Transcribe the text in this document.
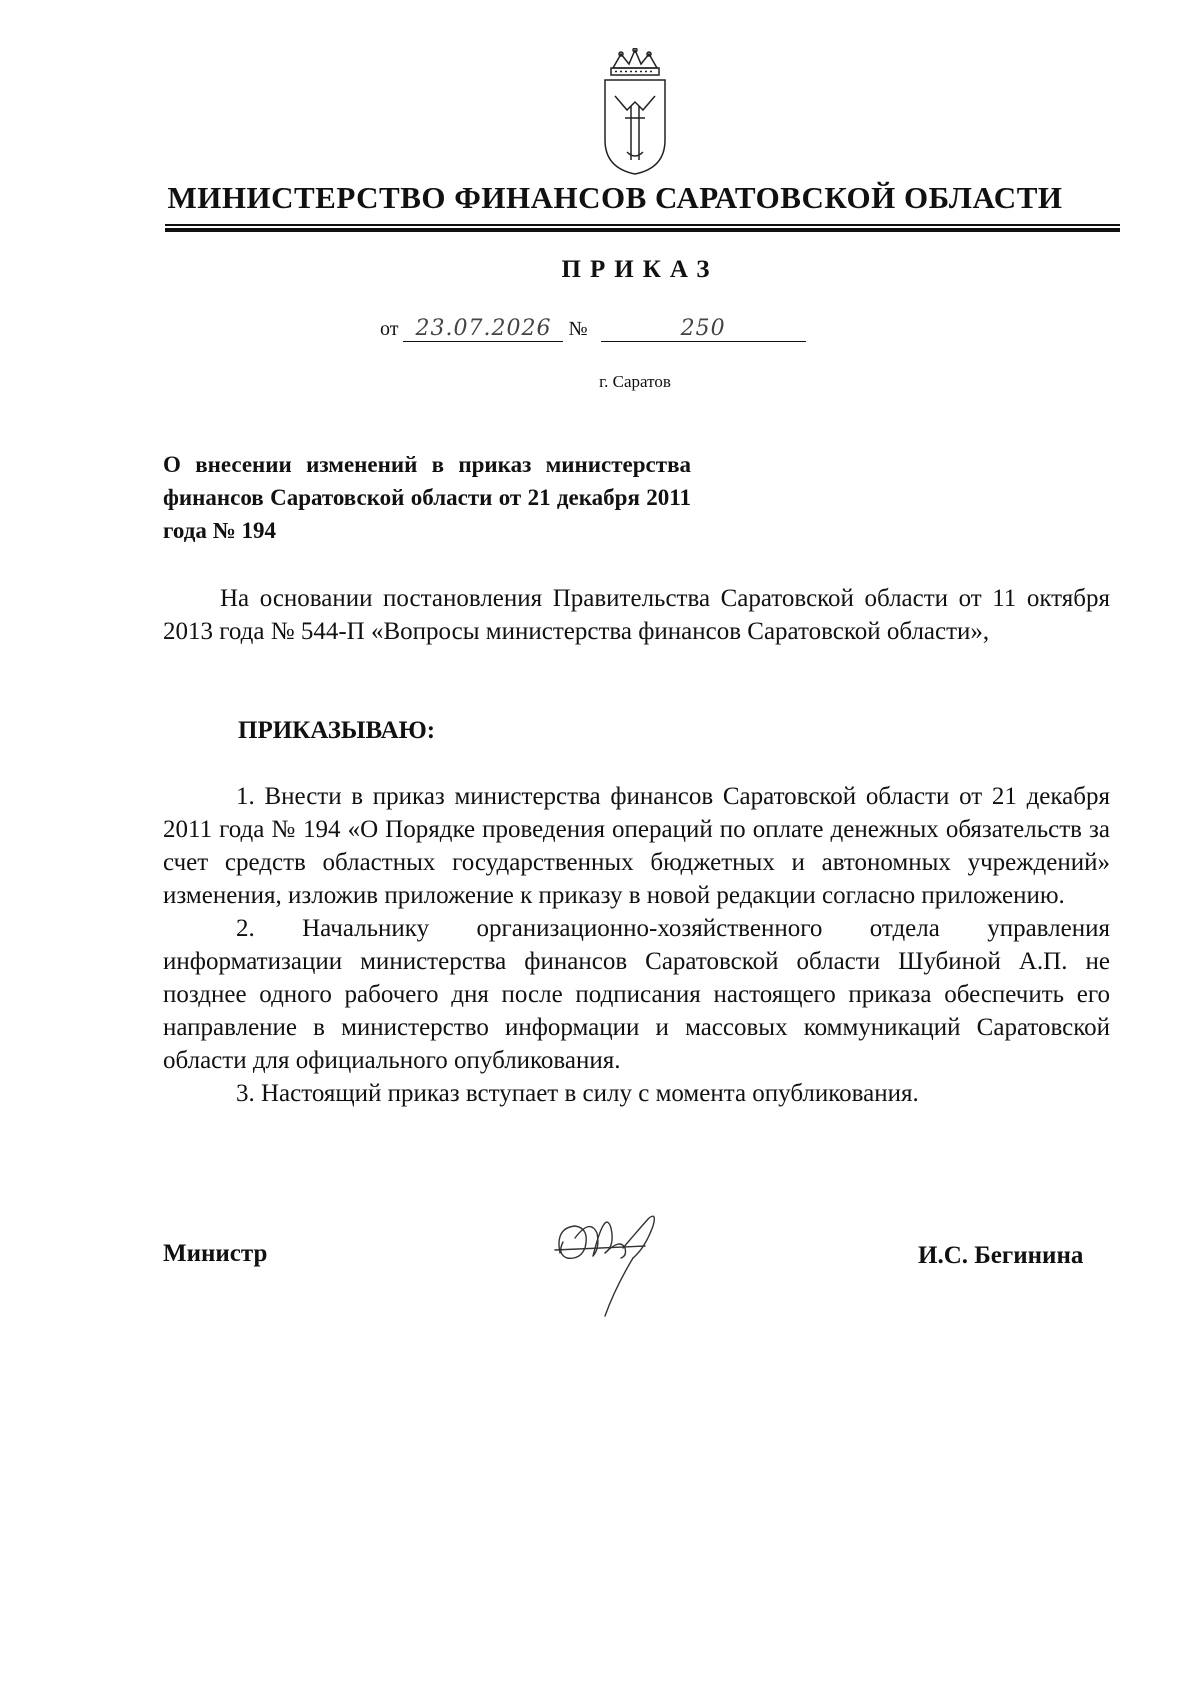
МИНИСТЕРСТВО ФИНАНСОВ САРАТОВСКОЙ ОБЛАСТИ
ПРИКАЗ
от 23.07.2026 №	250
г. Саратов
О внесении изменений в приказ министерства финансов Саратовской области от 21 декабря 2011 года № 194
На основании постановления Правительства Саратовской области от 11 октября 2013 года № 544-П «Вопросы министерства финансов Саратовской области»,
ПРИКАЗЫВАЮ:

1. Внести в приказ министерства финансов Саратовской области от 21 декабря 2011 года № 194 «О Порядке проведения операций по оплате денежных обязательств за счет средств областных государственных бюджетных и автономных учреждений» изменения, изложив приложение к приказу в новой редакции согласно приложению.

2. Начальнику организационно-хозяйственного отдела управления информатизации министерства финансов Саратовской области Шубиной А.П. не позднее одного рабочего дня после подписания настоящего приказа обеспечить его направление в министерство информации и массовых коммуникаций Саратовской области для официального опубликования.

3. Настоящий приказ вступает в силу с момента опубликования.

Министр	И.С. Бегинина
